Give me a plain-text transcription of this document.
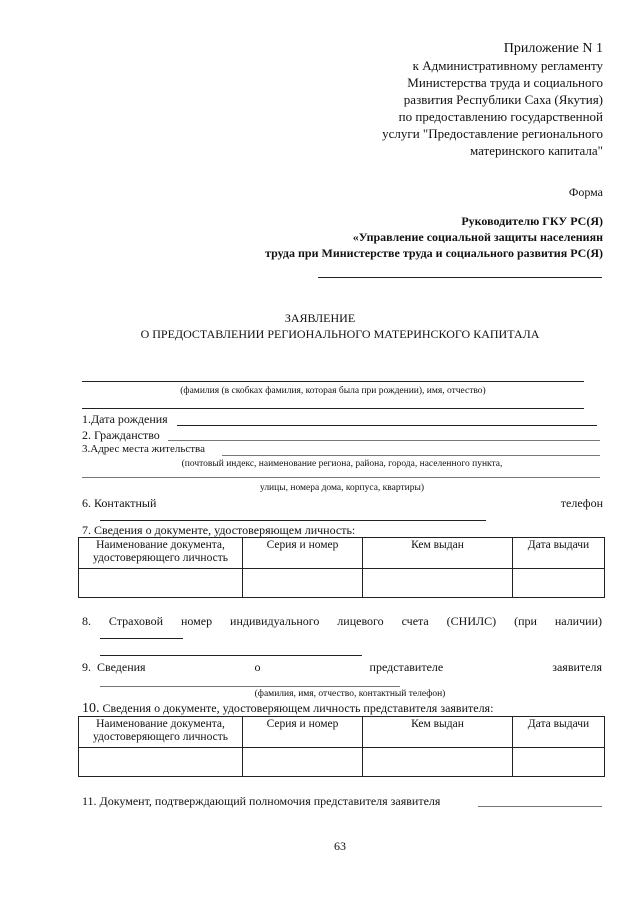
Приложение N 1
к Административному регламенту
Министерства труда и социального
развития Республики Саха (Якутия)
по предоставлению государственной
услуги "Предоставление регионального
материнского капитала"
Форма
Руководителю ГКУ РС(Я)
«Управление социальной защиты населениян
труда при Министерстве труда и социального развития РС(Я)
ЗАЯВЛЕНИЕ
О ПРЕДОСТАВЛЕНИИ РЕГИОНАЛЬНОГО МАТЕРИНСКОГО КАПИТАЛА
(фамилия (в скобках фамилия, которая была при рождении), имя, отчество)
1.Дата рождения
2. Гражданство
3.Адрес места жительства
(почтовый индекс, наименование региона, района, города, населенного пункта,
улицы, номера дома, корпуса, квартиры)
6. Контактный	телефон
7. Сведения о документе, удостоверяющем личность:
Наименование документа, удостоверяющего личность	Серия и номер	Кем выдан	Дата выдачи

8. Страховой номер индивидуального лицевого счета (СНИЛС) (при наличии)
9.  Сведения	о	представителе	заявителя
(фамилия, имя, отчество, контактный телефон)
10. Сведения о документе, удостоверяющем личность представителя заявителя:
Наименование документа, удостоверяющего личность	Серия и номер	Кем выдан	Дата выдачи

11. Документ, подтверждающий полномочия представителя заявителя
63
